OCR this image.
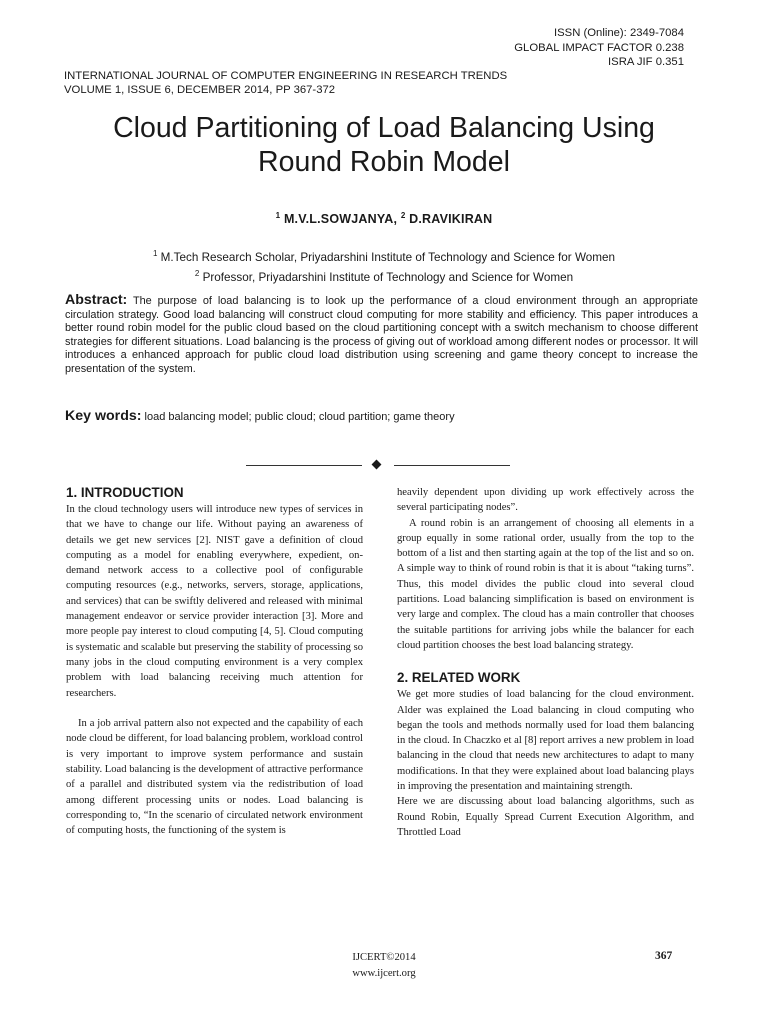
ISSN (Online): 2349-7084
GLOBAL IMPACT FACTOR 0.238
ISRA JIF 0.351
INTERNATIONAL JOURNAL OF COMPUTER ENGINEERING IN RESEARCH TRENDS
VOLUME 1, ISSUE 6, DECEMBER 2014, PP 367-372
Cloud Partitioning of Load Balancing Using
Round Robin Model
$^1$ M.V.L.SOWJANYA, $^2$ D.RAVIKIRAN
$^1$ M.Tech Research Scholar, Priyadarshini Institute of Technology and Science for Women
$^2$ Professor, Priyadarshini Institute of Technology and Science for Women
Abstract: The purpose of load balancing is to look up the performance of a cloud environment through an appropriate circulation strategy. Good load balancing will construct cloud computing for more stability and efficiency. This paper introduces a better round robin model for the public cloud based on the cloud partitioning concept with a switch mechanism to choose different strategies for different situations. Load balancing is the process of giving out of workload among different nodes or processor. It will introduces a enhanced approach for public cloud load distribution using screening and game theory concept to increase the presentation of the system.
Key words: load balancing model; public cloud; cloud partition; game theory
1. INTRODUCTION

In the cloud technology users will introduce new types of services in that we have to change our life. Without paying an awareness of details we get new services [2]. NIST gave a definition of cloud computing as a model for enabling everywhere, expedient, on-demand network access to a collective pool of configurable computing resources (e.g., networks, servers, storage, applications, and services) that can be swiftly delivered and released with minimal management endeavor or service provider interaction [3]. More and more people pay interest to cloud computing [4, 5]. Cloud computing is systematic and scalable but preserving the stability of processing so many jobs in the cloud computing environment is a very complex problem with load balancing receiving much attention for researchers.

In a job arrival pattern also not expected and the capability of each node cloud be different, for load balancing problem, workload control is very important to improve system performance and sustain stability. Load balancing is the development of attractive performance of a parallel and distributed system via the redistribution of load among different processing units or nodes. Load balancing is corresponding to, “In the scenario of circulated network environment of computing hosts, the functioning of the system is

heavily dependent upon dividing up work effectively across the several participating nodes”.

A round robin is an arrangement of choosing all elements in a group equally in some rational order, usually from the top to the bottom of a list and then starting again at the top of the list and so on. A simple way to think of round robin is that it is about “taking turns”. Thus, this model divides the public cloud into several cloud partitions. Load balancing simplification is based on environment is very large and complex. The cloud has a main controller that chooses the suitable partitions for arriving jobs while the balancer for each cloud partition chooses the best load balancing strategy.

2. RELATED WORK

We get more studies of load balancing for the cloud environment. Alder was explained the Load balancing in cloud computing who began the tools and methods normally used for load them balancing in the cloud. In Chaczko et al [8] report arrives a new problem in load balancing in the cloud that needs new architectures to adapt to many modifications. In that they were explained about load balancing plays in improving the presentation and maintaining strength.

Here we are discussing about load balancing algorithms, such as Round Robin, Equally Spread Current Execution Algorithm, and Throttled Load

IJCERT©2014
www.ijcert.org
367
